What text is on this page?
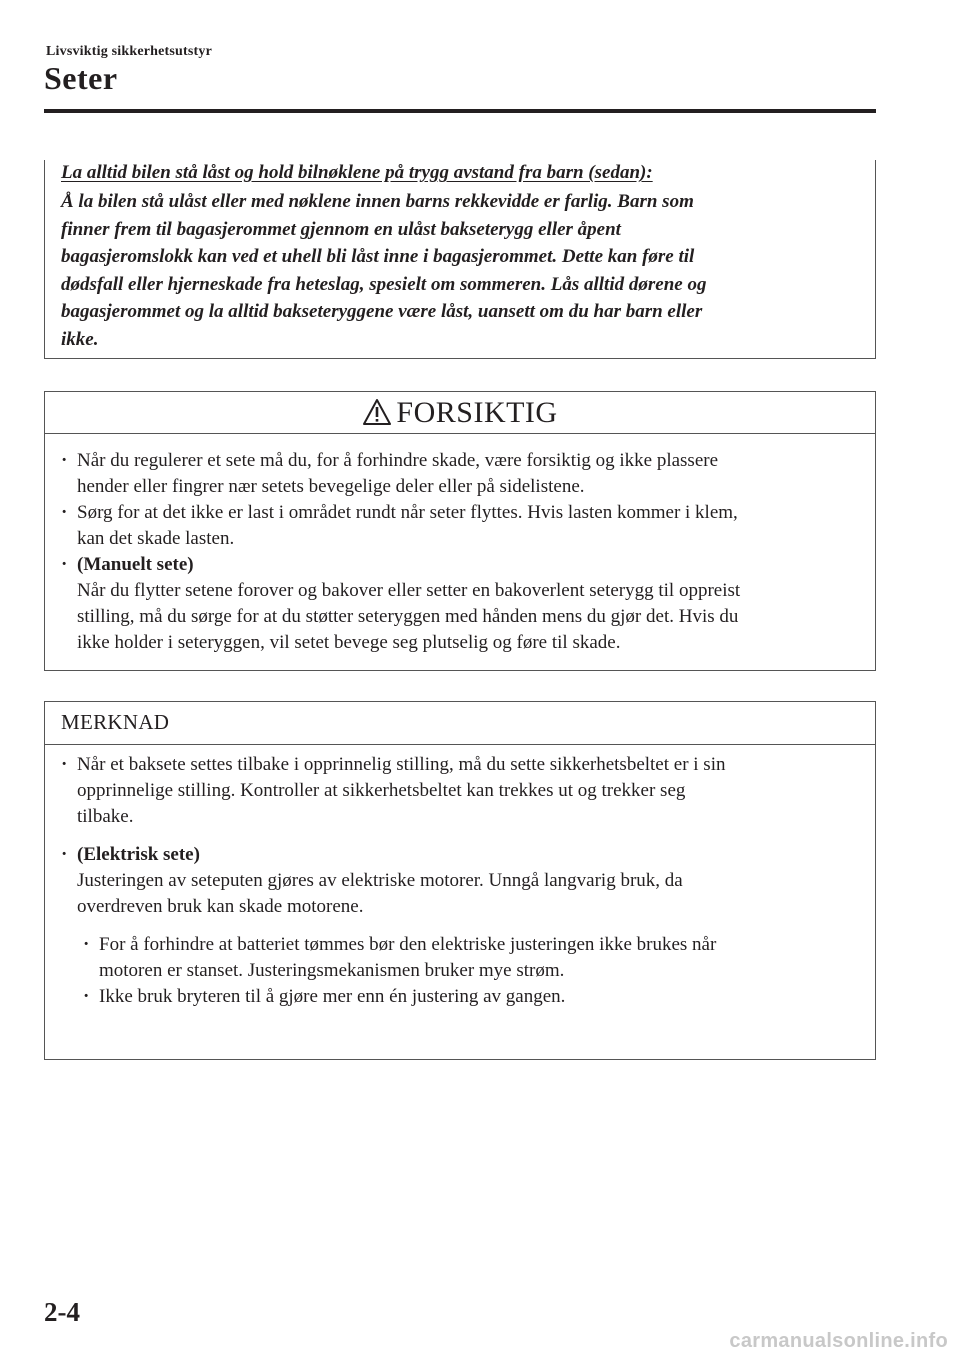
Livsviktig sikkerhetsutstyr
Seter
La alltid bilen stå låst og hold bilnøklene på trygg avstand fra barn (sedan):
Å la bilen stå ulåst eller med nøklene innen barns rekkevidde er farlig. Barn som
finner frem til bagasjerommet gjennom en ulåst bakseterygg eller åpent
bagasjeromslokk kan ved et uhell bli låst inne i bagasjerommet. Dette kan føre til
dødsfall eller hjerneskade fra heteslag, spesielt om sommeren. Lås alltid dørene og
bagasjerommet og la alltid bakseteryggene være låst, uansett om du har barn eller
ikke.
FORSIKTIG
· Når du regulerer et sete må du, for å forhindre skade, være forsiktig og ikke plassere
hender eller fingrer nær setets bevegelige deler eller på sidelistene.
· Sørg for at det ikke er last i området rundt når seter flyttes. Hvis lasten kommer i klem,
kan det skade lasten.
· (Manuelt sete)
Når du flytter setene forover og bakover eller setter en bakoverlent seterygg til oppreist
stilling, må du sørge for at du støtter seteryggen med hånden mens du gjør det. Hvis du
ikke holder i seteryggen, vil setet bevege seg plutselig og føre til skade.
MERKNAD
· Når et baksete settes tilbake i opprinnelig stilling, må du sette sikkerhetsbeltet er i sin
opprinnelige stilling. Kontroller at sikkerhetsbeltet kan trekkes ut og trekker seg
tilbake.
· (Elektrisk sete)
Justeringen av seteputen gjøres av elektriske motorer. Unngå langvarig bruk, da
overdreven bruk kan skade motorene.
· For å forhindre at batteriet tømmes bør den elektriske justeringen ikke brukes når
motoren er stanset. Justeringsmekanismen bruker mye strøm.
· Ikke bruk bryteren til å gjøre mer enn én justering av gangen.
2-4
carmanualsonline.info
